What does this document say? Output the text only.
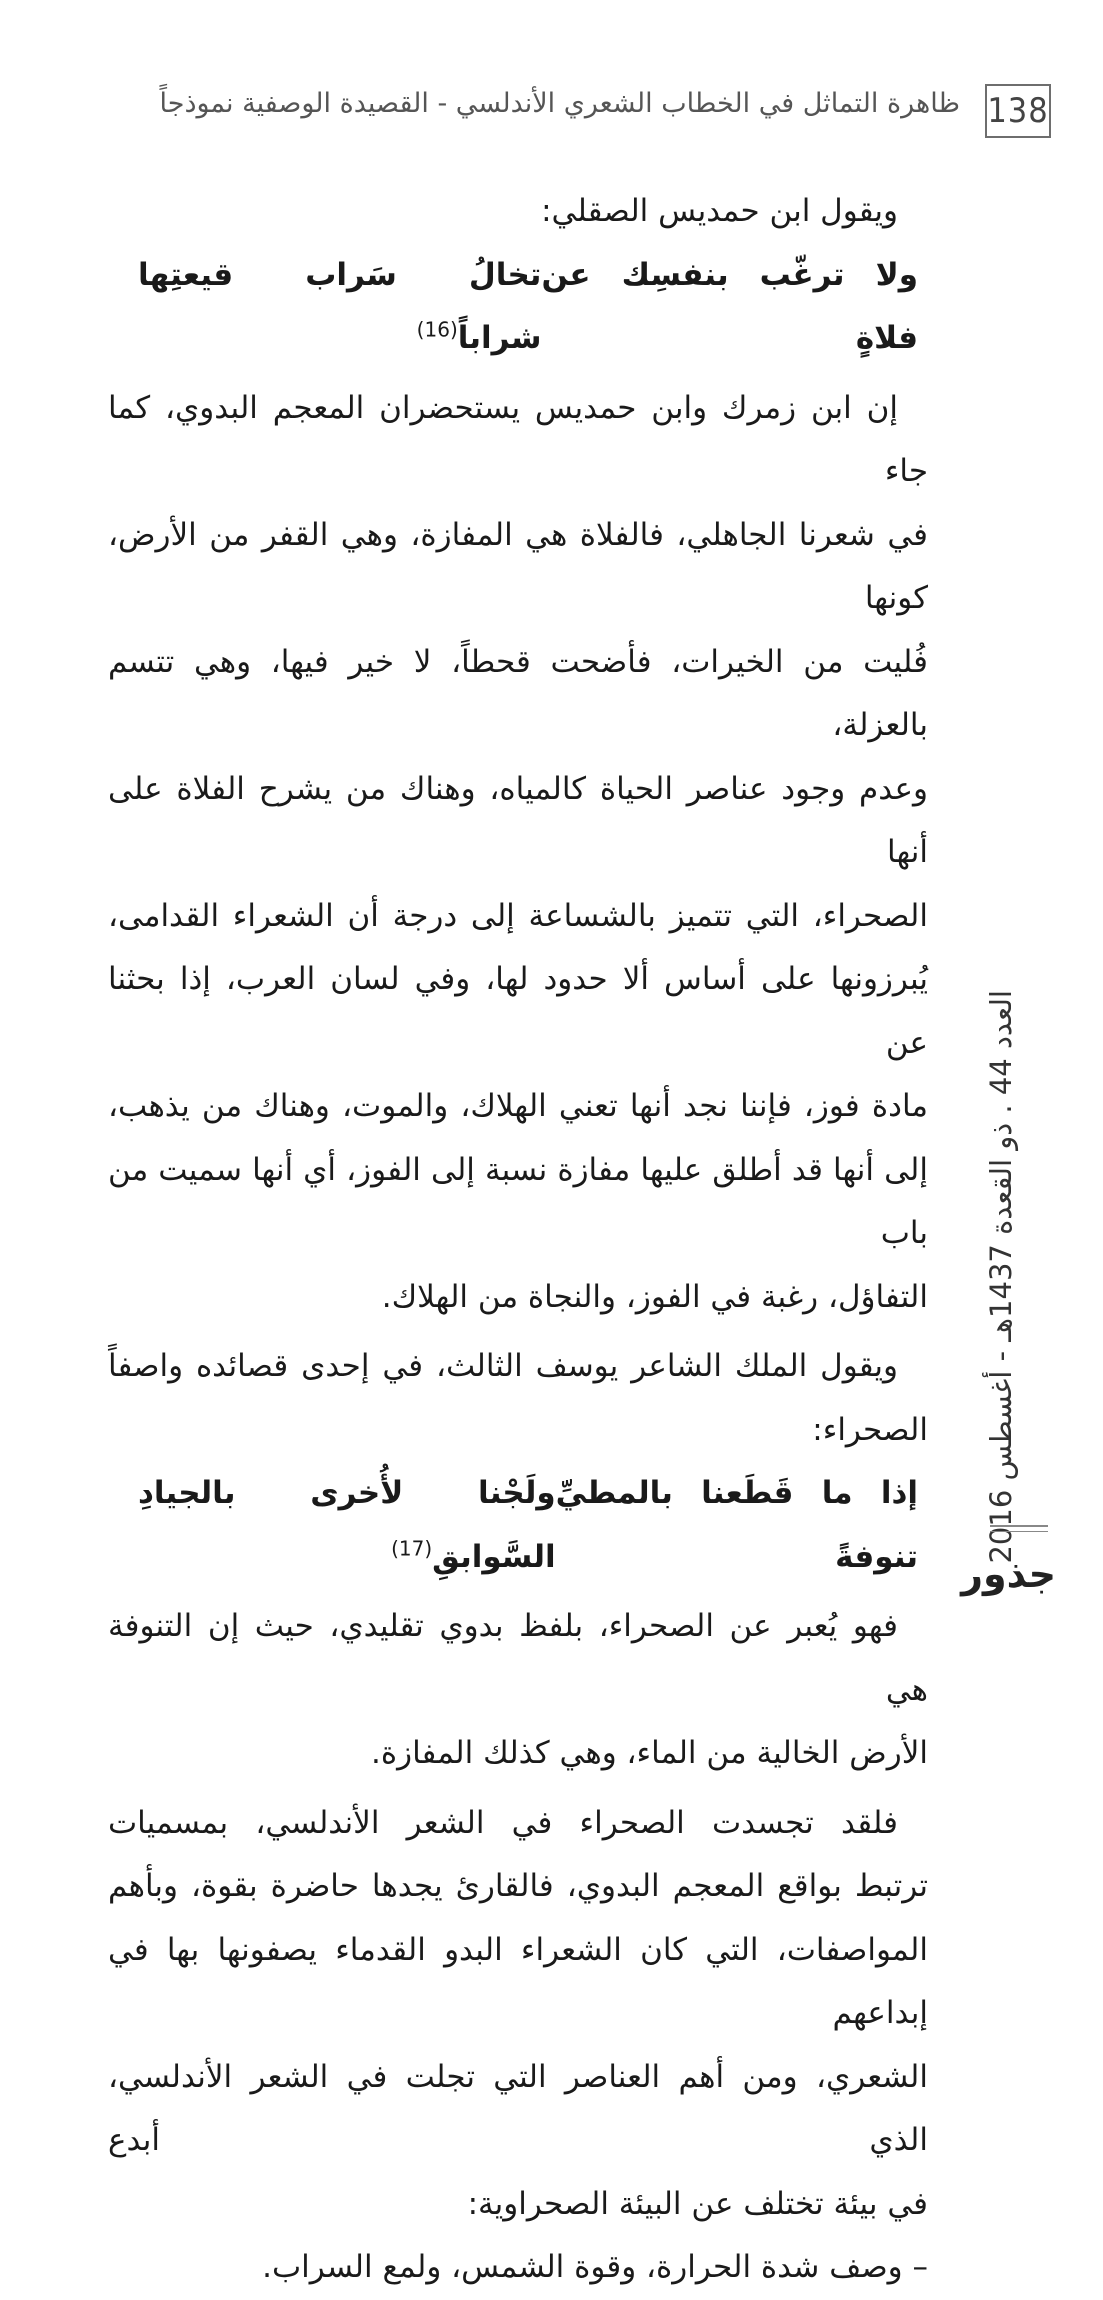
138
ظاهرة التماثل في الخطاب الشعري الأندلسي - القصيدة الوصفية نموذجاً

ويقول ابن حمديس الصقلي:

ولا ترغّب بنفسِك عن فلاةٍ
تخالُ سَراب قيعتِها شراباً$^{(16)}$

إن ابن زمرك وابن حمديس يستحضران المعجم البدوي، كما جاء

في شعرنا الجاهلي، فالفلاة هي المفازة، وهي القفر من الأرض، كونها

فُليت من الخيرات، فأضحت قحطاً، لا خير فيها، وهي تتسم بالعزلة،

وعدم وجود عناصر الحياة كالمياه، وهناك من يشرح الفلاة على أنها

الصحراء، التي تتميز بالشساعة إلى درجة أن الشعراء القدامى،

يُبرزونها على أساس ألا حدود لها، وفي لسان العرب، إذا بحثنا عن

مادة فوز، فإننا نجد أنها تعني الهلاك، والموت، وهناك من يذهب،

إلى أنها قد أطلق عليها مفازة نسبة إلى الفوز، أي أنها سميت من باب

التفاؤل، رغبة في الفوز، والنجاة من الهلاك.

ويقول الملك الشاعر يوسف الثالث، في إحدى قصائده واصفاً

الصحراء:

إذا ما قَطَعنا بالمطيِّ تنوفةً
ولَجْنا لأُخرى بالجيادِ السَّوابقِ$^{(17)}$

فهو يُعبر عن الصحراء، بلفظ بدوي تقليدي، حيث إن التنوفة هي

الأرض الخالية من الماء، وهي كذلك المفازة.

فلقد تجسدت الصحراء في الشعر الأندلسي، بمسميات

ترتبط بواقع المعجم البدوي، فالقارئ يجدها حاضرة بقوة، وبأهم

المواصفات، التي كان الشعراء البدو القدماء يصفونها بها في إبداعهم

الشعري، ومن أهم العناصر التي تجلت في الشعر الأندلسي، الذي أبدع

في بيئة تختلف عن البيئة الصحراوية:

– وصف شدة الحرارة، وقوة الشمس، ولمع السراب.

العدد 44 . ذو القعدة 1437هـ - أغسطس 2016
جذور
